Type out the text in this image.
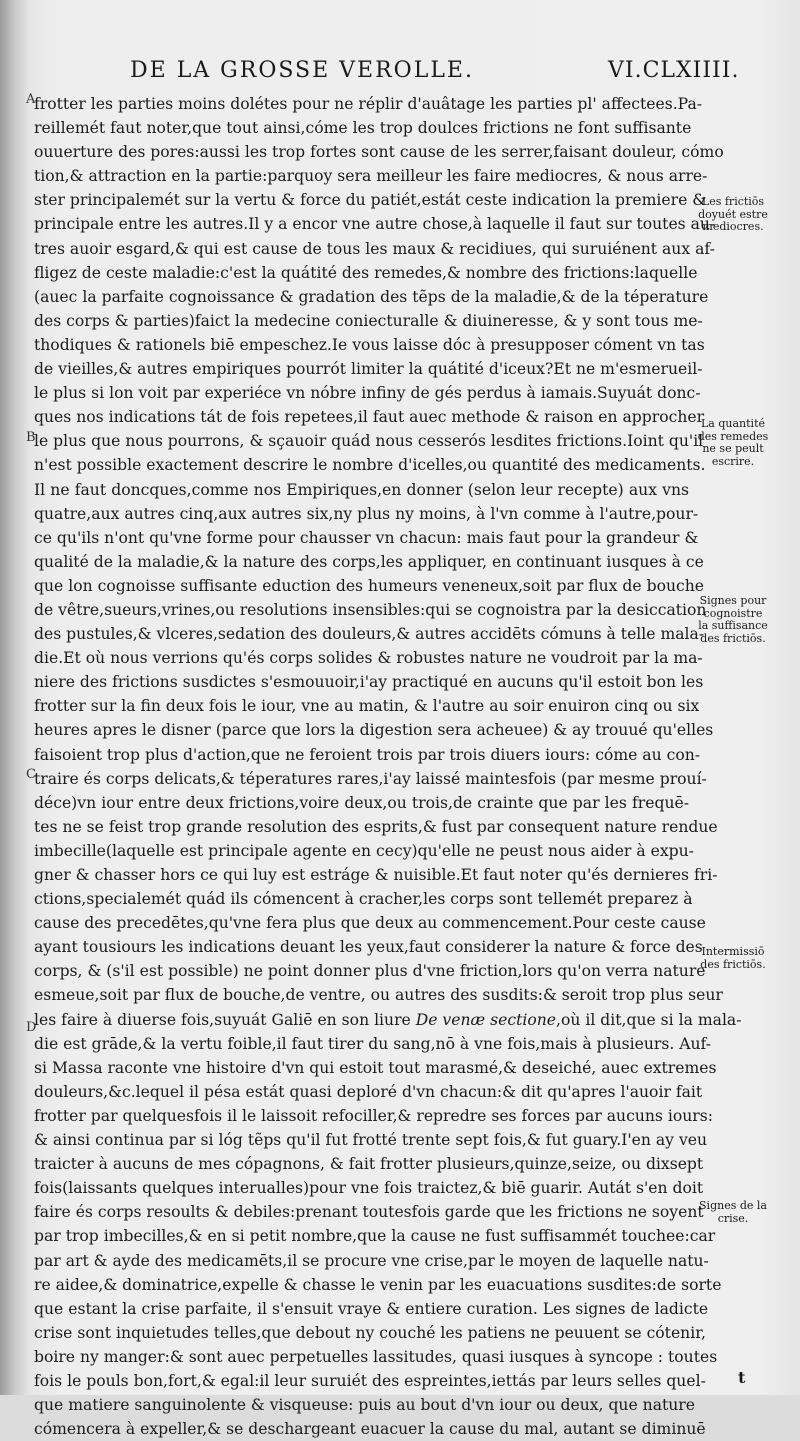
DE LA GROSSE VEROLLE.	VI.CLXIIII.
A
B
C
D
frotter les parties moins dolétes pour ne réplir d'auâtage les parties pl' affectees.Pa-
reillemét faut noter,que tout ainsi,cóme les trop doulces frictions ne font suffisante
ouuerture des pores:aussi les trop fortes sont cause de les serrer,faisant douleur, cómo
tion,& attraction en la partie:parquoy sera meilleur les faire mediocres, & nous arre-
ster principalemét sur la vertu & force du patiét,estát ceste indication la premiere &
principale entre les autres.Il y a encor vne autre chose,à laquelle il faut sur toutes au-
tres auoir esgard,& qui est cause de tous les maux & recidiues, qui suruiénent aux af-
fligez de ceste maladie:c'est la quátité des remedes,& nombre des frictions:laquelle
(auec la parfaite cognoissance & gradation des tẽps de la maladie,& de la téperature
des corps & parties)faict la medecine coniecturalle & diuineresse, & y sont tous me-
thodiques & rationels biē empeschez.Ie vous laisse dóc à presupposer cóment vn tas
de vieilles,& autres empiriques pourrót limiter la quátité d'iceux?Et ne m'esmerueil-
le plus si lon voit par experiéce vn nóbre infiny de gés perdus à iamais.Suyuát donc-
ques nos indications tát de fois repetees,il faut auec methode & raison en approcher
le plus que nous pourrons, & sçauoir quád nous cesserós lesdites frictions.Ioint qu'il
n'est possible exactement descrire le nombre d'icelles,ou quantité des medicaments.
Il ne faut doncques,comme nos Empiriques,en donner (selon leur recepte) aux vns
quatre,aux autres cinq,aux autres six,ny plus ny moins, à l'vn comme à l'autre,pour-
ce qu'ils n'ont qu'vne forme pour chausser vn chacun: mais faut pour la grandeur &
qualité de la maladie,& la nature des corps,les appliquer, en continuant iusques à ce
que lon cognoisse suffisante eduction des humeurs veneneux,soit par flux de bouche
de vêtre,sueurs,vrines,ou resolutions insensibles:qui se cognoistra par la desiccation
des pustules,& vlceres,sedation des douleurs,& autres accidēts cómuns à telle mala-
die.Et où nous verrions qu'és corps solides & robustes nature ne voudroit par la ma-
niere des frictions susdictes s'esmouuoir,i'ay practiqué en aucuns qu'il estoit bon les
frotter sur la fin deux fois le iour, vne au matin, & l'autre au soir enuiron cinq ou six
heures apres le disner (parce que lors la digestion sera acheuee) & ay trouué qu'elles
faisoient trop plus d'action,que ne feroient trois par trois diuers iours: cóme au con-
traire és corps delicats,& téperatures rares,i'ay laissé maintesfois (par mesme prouí-
déce)vn iour entre deux frictions,voire deux,ou trois,de crainte que par les frequē-
tes ne se feist trop grande resolution des esprits,& fust par consequent nature rendue
imbecille(laquelle est principale agente en cecy)qu'elle ne peust nous aider à expu-
gner & chasser hors ce qui luy est estráge & nuisible.Et faut noter qu'és dernieres fri-
ctions,specialemét quád ils cómencent à cracher,les corps sont tellemét preparez à
cause des precedētes,qu'vne fera plus que deux au commencement.Pour ceste cause
ayant tousiours les indications deuant les yeux,faut considerer la nature & force des
corps, & (s'il est possible) ne point donner plus d'vne friction,lors qu'on verra nature
esmeue,soit par flux de bouche,de ventre, ou autres des susdits:& seroit trop plus seur
les faire à diuerse fois,suyuát Galiē en son liure De venæ sectione,où il dit,que si la mala-
die est grāde,& la vertu foible,il faut tirer du sang,nō à vne fois,mais à plusieurs. Auf-
si Massa raconte vne histoire d'vn qui estoit tout marasmé,& deseiché, auec extremes
douleurs,&c.lequel il pésa estát quasi deploré d'vn chacun:& dit qu'apres l'auoir fait
frotter par quelquesfois il le laissoit refociller,& repredre ses forces par aucuns iours:
& ainsi continua par si lóg tẽps qu'il fut frotté trente sept fois,& fut guary.I'en ay veu
traicter à aucuns de mes cópagnons, & fait frotter plusieurs,quinze,seize, ou dixsept
fois(laissants quelques interualles)pour vne fois traictez,& biē guarir. Autát s'en doit
faire és corps resoults & debiles:prenant toutesfois garde que les frictions ne soyent
par trop imbecilles,& en si petit nombre,que la cause ne fust suffisammét touchee:car
par art & ayde des medicamēts,il se procure vne crise,par le moyen de laquelle natu-
re aidee,& dominatrice,expelle & chasse le venin par les euacuations susdites:de sorte
que estant la crise parfaite, il s'ensuit vraye & entiere curation. Les signes de ladicte
crise sont inquietudes telles,que debout ny couché les patiens ne peuuent se cótenir,
boire ny manger:& sont auec perpetuelles lassitudes, quasi iusques à syncope : toutes
fois le pouls bon,fort,& egal:il leur suruiét des espreintes,iettás par leurs selles quel-
que matiere sanguinolente & visqueuse: puis au bout d'vn iour ou deux, que nature
cómencera à expeller,& se deschargeant euacuer la cause du mal, autant se diminuē
Les frictiōs
doyuét estre
mediocres.
La quantité
des remedes
ne se peult
escrire.
Signes pour
cognoistre
la suffisance
des frictiōs.
Intermissiō
des frictiōs.
Signes de la
crise.
t
